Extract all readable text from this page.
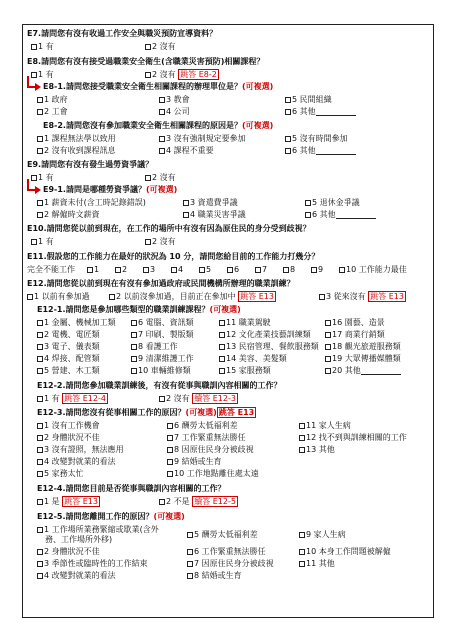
E7.請問您有沒有收過工作安全與職災預防宣導資料？
1 有	2 沒有
E8.請問您有沒有接受過職業安全衛生(含職業災害預防)相關課程？
1 有	2 沒有 跳答 E8-2
E8-1.請問您接受職業安全衛生相關課程的辦理單位是？(可複選)
1 政府	3 教會	5 民間組織
2 工會	4 公司	6 其他
E8-2.請問您沒有參加職業安全衛生相關課程的原因是？(可複選)
1 課程無法學以致用	3 沒有強制規定要參加	5 沒有時間參加
2 沒有收到課程訊息	4 課程不重要	6 其他
E9.請問您有沒有發生過勞資爭議？
1 有	2 沒有
E9-1.請問是哪種勞資爭議？(可複選)
1 薪資未付(含工時記錄錯誤)	3 資遣費爭議	5 退休金爭議
2 解僱時文薪資	4 職業災害爭議	6 其他
E10.請問您從以前到現在，在工作的場所中有沒有因為原住民的身分受到歧視？
1 有	2 沒有
E11.假設您的工作能力在最好的狀況為 10 分，請問您給目前的工作能力打幾分？
完全不能工作	1	2	3	4	5	6	7	8	9	10 工作能力最佳
E12.請問您從以前到現在有沒有參加過政府或民間機構所辦理的職業訓練？
1 以前有參加過	2 以前沒參加過，目前正在參加中 跳答 E13	3 從來沒有 跳答 E13
E12-1.請問您是參加哪些類型的職業訓練課程？(可複選)
1 金屬、機械加工類	6 電腦、資訊類	11 職業駕駛	16 園藝、造景
2 電機、電匠類	7 印刷、製版類	12 文化產業技藝訓練類	17 商業行銷類
3 電子、儀表類	8 看護工作	13 民宿管理、餐飲服務類	18 觀光旅遊服務類
4 焊接、配管類	9 清潔維護工作	14 美容、美髮類	19 大眾傳播媒體類
5 營建、木工類	10 車輛維修類	15 家服務類	20 其他
E12-2.請問您參加職業訓練後，有沒有從事與職訓內容相關的工作？
1 有 跳答 E12-4	2 沒有 續答 E12-3
E12-3.請問您沒有從事相關工作的原因？(可複選) 跳答 E13
1 沒有工作機會	6 酬勞太低福利差	11 家人生病
2 身體狀況不佳	7 工作緊重無法勝任	12 找不到與訓練相關的工作
3 沒有證照，無法應用	8 因原住民身分被歧視	13 其他
4 改變對就業的看法	9 結婚或生育
5 家務太忙	10 工作地點離住處太遠
E12-4.請問您目前是否從事與職訓內容相關的工作？
1 是 跳答 E13	2 不是 續答 E12-5
E12-5.請問您離開工作的原因？(可複選)
1 工作場所業務緊縮或歇業(含外
務、工作場所外移)
5 酬勞太低福利差	9 家人生病
2 身體狀況不佳	6 工作緊重無法勝任	10 本身工作問題被解僱
3 季節性或臨時性的工作結束	7 因原住民身分被歧視	11 其他
4 改變對就業的看法	8 結婚或生育
